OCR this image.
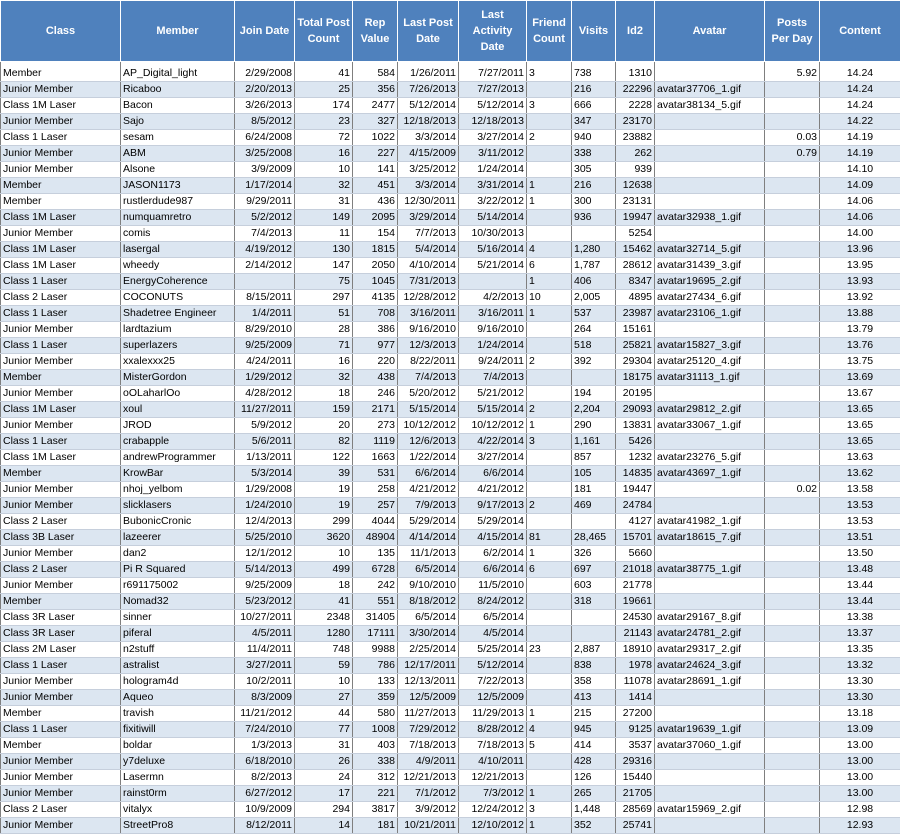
Class	Member	Join Date	Total Post Count	Rep Value	Last Post Date	Last Activity Date	Friend Count	Visits	Id2	Avatar	Posts Per Day	Content

Member	AP_Digital_light	2/29/2008	41	584	1/26/2011	7/27/2011	3	738	1310		5.92	14.24
Junior Member	Ricaboo	2/20/2013	25	356	7/26/2013	7/27/2013		216	22296	avatar37706_1.gif		14.24
Class 1M Laser	Bacon	3/26/2013	174	2477	5/12/2014	5/12/2014	3	666	2228	avatar38134_5.gif		14.24
Junior Member	Sajo	8/5/2012	23	327	12/18/2013	12/18/2013		347	23170			14.22
Class 1 Laser	sesam	6/24/2008	72	1022	3/3/2014	3/27/2014	2	940	23882		0.03	14.19
Junior Member	ABM	3/25/2008	16	227	4/15/2009	3/11/2012		338	262		0.79	14.19
Junior Member	Alsone	3/9/2009	10	141	3/25/2012	1/24/2014		305	939			14.10
Member	JASON1173	1/17/2014	32	451	3/3/2014	3/31/2014	1	216	12638			14.09
Member	rustlerdude987	9/29/2011	31	436	12/30/2011	3/22/2012	1	300	23131			14.06
Class 1M Laser	numquamretro	5/2/2012	149	2095	3/29/2014	5/14/2014		936	19947	avatar32938_1.gif		14.06
Junior Member	comis	7/4/2013	11	154	7/7/2013	10/30/2013			5254			14.00
Class 1M Laser	lasergal	4/19/2012	130	1815	5/4/2014	5/16/2014	4	1,280	15462	avatar32714_5.gif		13.96
Class 1M Laser	wheedy	2/14/2012	147	2050	4/10/2014	5/21/2014	6	1,787	28612	avatar31439_3.gif		13.95
Class 1 Laser	EnergyCoherence		75	1045	7/31/2013		1	406	8347	avatar19695_2.gif		13.93
Class 2 Laser	COCONUTS	8/15/2011	297	4135	12/28/2012	4/2/2013	10	2,005	4895	avatar27434_6.gif		13.92
Class 1 Laser	Shadetree Engineer	1/4/2011	51	708	3/16/2011	3/16/2011	1	537	23987	avatar23106_1.gif		13.88
Junior Member	lardtazium	8/29/2010	28	386	9/16/2010	9/16/2010		264	15161			13.79
Class 1 Laser	superlazers	9/25/2009	71	977	12/3/2013	1/24/2014		518	25821	avatar15827_3.gif		13.76
Junior Member	xxalexxx25	4/24/2011	16	220	8/22/2011	9/24/2011	2	392	29304	avatar25120_4.gif		13.75
Member	MisterGordon	1/29/2012	32	438	7/4/2013	7/4/2013			18175	avatar31113_1.gif		13.69
Junior Member	oOLaharlOo	4/28/2012	18	246	5/20/2012	5/21/2012		194	20195			13.67
Class 1M Laser	xoul	11/27/2011	159	2171	5/15/2014	5/15/2014	2	2,204	29093	avatar29812_2.gif		13.65
Junior Member	JROD	5/9/2012	20	273	10/12/2012	10/12/2012	1	290	13831	avatar33067_1.gif		13.65
Class 1 Laser	crabapple	5/6/2011	82	1119	12/6/2013	4/22/2014	3	1,161	5426			13.65
Class 1M Laser	andrewProgrammer	1/13/2011	122	1663	1/22/2014	3/27/2014		857	1232	avatar23276_5.gif		13.63
Member	KrowBar	5/3/2014	39	531	6/6/2014	6/6/2014		105	14835	avatar43697_1.gif		13.62
Junior Member	nhoj_yelbom	1/29/2008	19	258	4/21/2012	4/21/2012		181	19447		0.02	13.58
Junior Member	slicklasers	1/24/2010	19	257	7/9/2013	9/17/2013	2	469	24784			13.53
Class 2 Laser	BubonicCronic	12/4/2013	299	4044	5/29/2014	5/29/2014			4127	avatar41982_1.gif		13.53
Class 3B Laser	lazeerer	5/25/2010	3620	48904	4/14/2014	4/15/2014	81	28,465	15701	avatar18615_7.gif		13.51
Junior Member	dan2	12/1/2012	10	135	11/1/2013	6/2/2014	1	326	5660			13.50
Class 2 Laser	Pi R Squared	5/14/2013	499	6728	6/5/2014	6/6/2014	6	697	21018	avatar38775_1.gif		13.48
Junior Member	r691175002	9/25/2009	18	242	9/10/2010	11/5/2010		603	21778			13.44
Member	Nomad32	5/23/2012	41	551	8/18/2012	8/24/2012		318	19661			13.44
Class 3R Laser	sinner	10/27/2011	2348	31405	6/5/2014	6/5/2014			24530	avatar29167_8.gif		13.38
Class 3R Laser	piferal	4/5/2011	1280	17111	3/30/2014	4/5/2014			21143	avatar24781_2.gif		13.37
Class 2M Laser	n2stuff	11/4/2011	748	9988	2/25/2014	5/25/2014	23	2,887	18910	avatar29317_2.gif		13.35
Class 1 Laser	astralist	3/27/2011	59	786	12/17/2011	5/12/2014		838	1978	avatar24624_3.gif		13.32
Junior Member	hologram4d	10/2/2011	10	133	12/13/2011	7/22/2013		358	11078	avatar28691_1.gif		13.30
Junior Member	Aqueo	8/3/2009	27	359	12/5/2009	12/5/2009		413	1414			13.30
Member	travish	11/21/2012	44	580	11/27/2013	11/29/2013	1	215	27200			13.18
Class 1 Laser	fixitiwill	7/24/2010	77	1008	7/29/2012	8/28/2012	4	945	9125	avatar19639_1.gif		13.09
Member	boldar	1/3/2013	31	403	7/18/2013	7/18/2013	5	414	3537	avatar37060_1.gif		13.00
Junior Member	y7deluxe	6/18/2010	26	338	4/9/2011	4/10/2011		428	29316			13.00
Junior Member	Lasermn	8/2/2013	24	312	12/21/2013	12/21/2013		126	15440			13.00
Junior Member	rainst0rm	6/27/2012	17	221	7/1/2012	7/3/2012	1	265	21705			13.00
Class 2 Laser	vitalyx	10/9/2009	294	3817	3/9/2012	12/24/2012	3	1,448	28569	avatar15969_2.gif		12.98
Junior Member	StreetPro8	8/12/2011	14	181	10/21/2011	12/10/2012	1	352	25741			12.93
